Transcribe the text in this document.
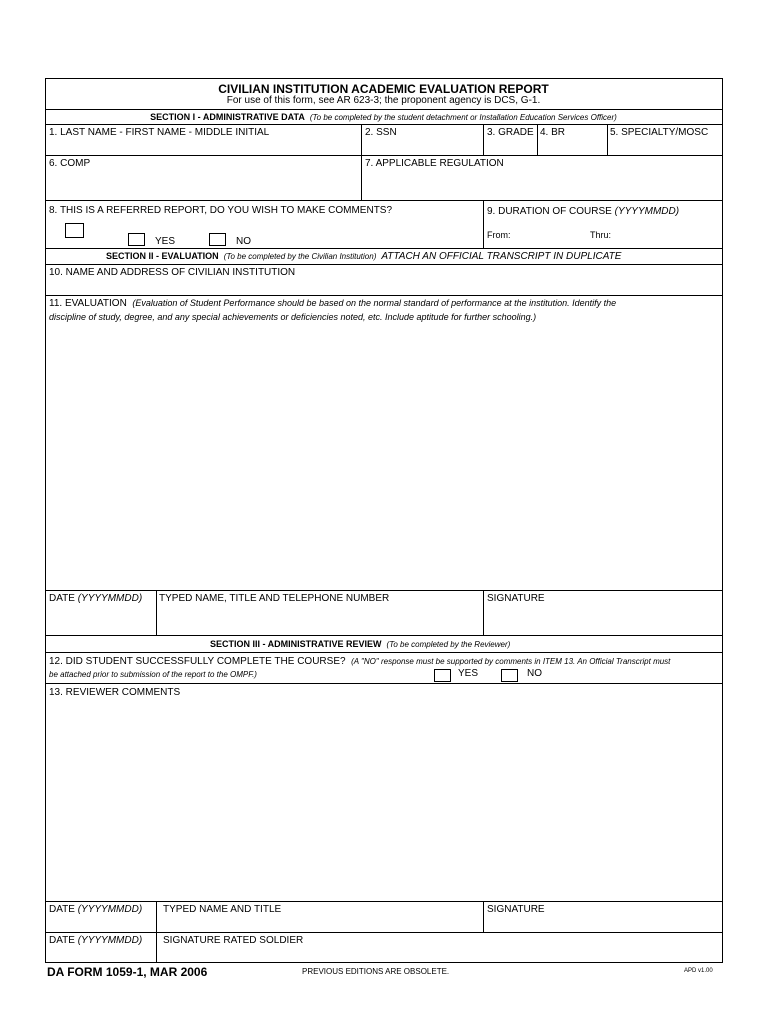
CIVILIAN INSTITUTION ACADEMIC EVALUATION REPORT
For use of this form, see AR 623-3; the proponent agency is DCS, G-1.
SECTION I - ADMINISTRATIVE DATA (To be completed by the student detachment or Installation Education Services Officer)
1. LAST NAME - FIRST NAME - MIDDLE INITIAL	2. SSN	3. GRADE 4. BR	5. SPECIALTY/MOSC
6. COMP	7. APPLICABLE REGULATION
8. THIS IS A REFERRED REPORT, DO YOU WISH TO MAKE COMMENTS?
YES	NO
9. DURATION OF COURSE (YYYYMMDD)
From:	Thru:
SECTION II - EVALUATION (To be completed by the Civilian Institution) ATTACH AN OFFICIAL TRANSCRIPT IN DUPLICATE
10. NAME AND ADDRESS OF CIVILIAN INSTITUTION
11. EVALUATION (Evaluation of Student Performance should be based on the normal standard of performance at the institution. Identify the
discipline of study, degree, and any special achievements or deficiencies noted, etc. Include aptitude for further schooling.)
DATE (YYYYMMDD) TYPED NAME, TITLE AND TELEPHONE NUMBER	SIGNATURE
SECTION III - ADMINISTRATIVE REVIEW (To be completed by the Reviewer)
12. DID STUDENT SUCCESSFULLY COMPLETE THE COURSE? (A "NO" response must be supported by comments in ITEM 13. An Official Transcript must
be attached prior to submission of the report to the OMPF.)	YES	NO
13. REVIEWER COMMENTS
DATE (YYYYMMDD) TYPED NAME AND TITLE	SIGNATURE
DATE (YYYYMMDD) SIGNATURE RATED SOLDIER
DA FORM 1059-1, MAR 2006	PREVIOUS EDITIONS ARE OBSOLETE.	APD v1.00
